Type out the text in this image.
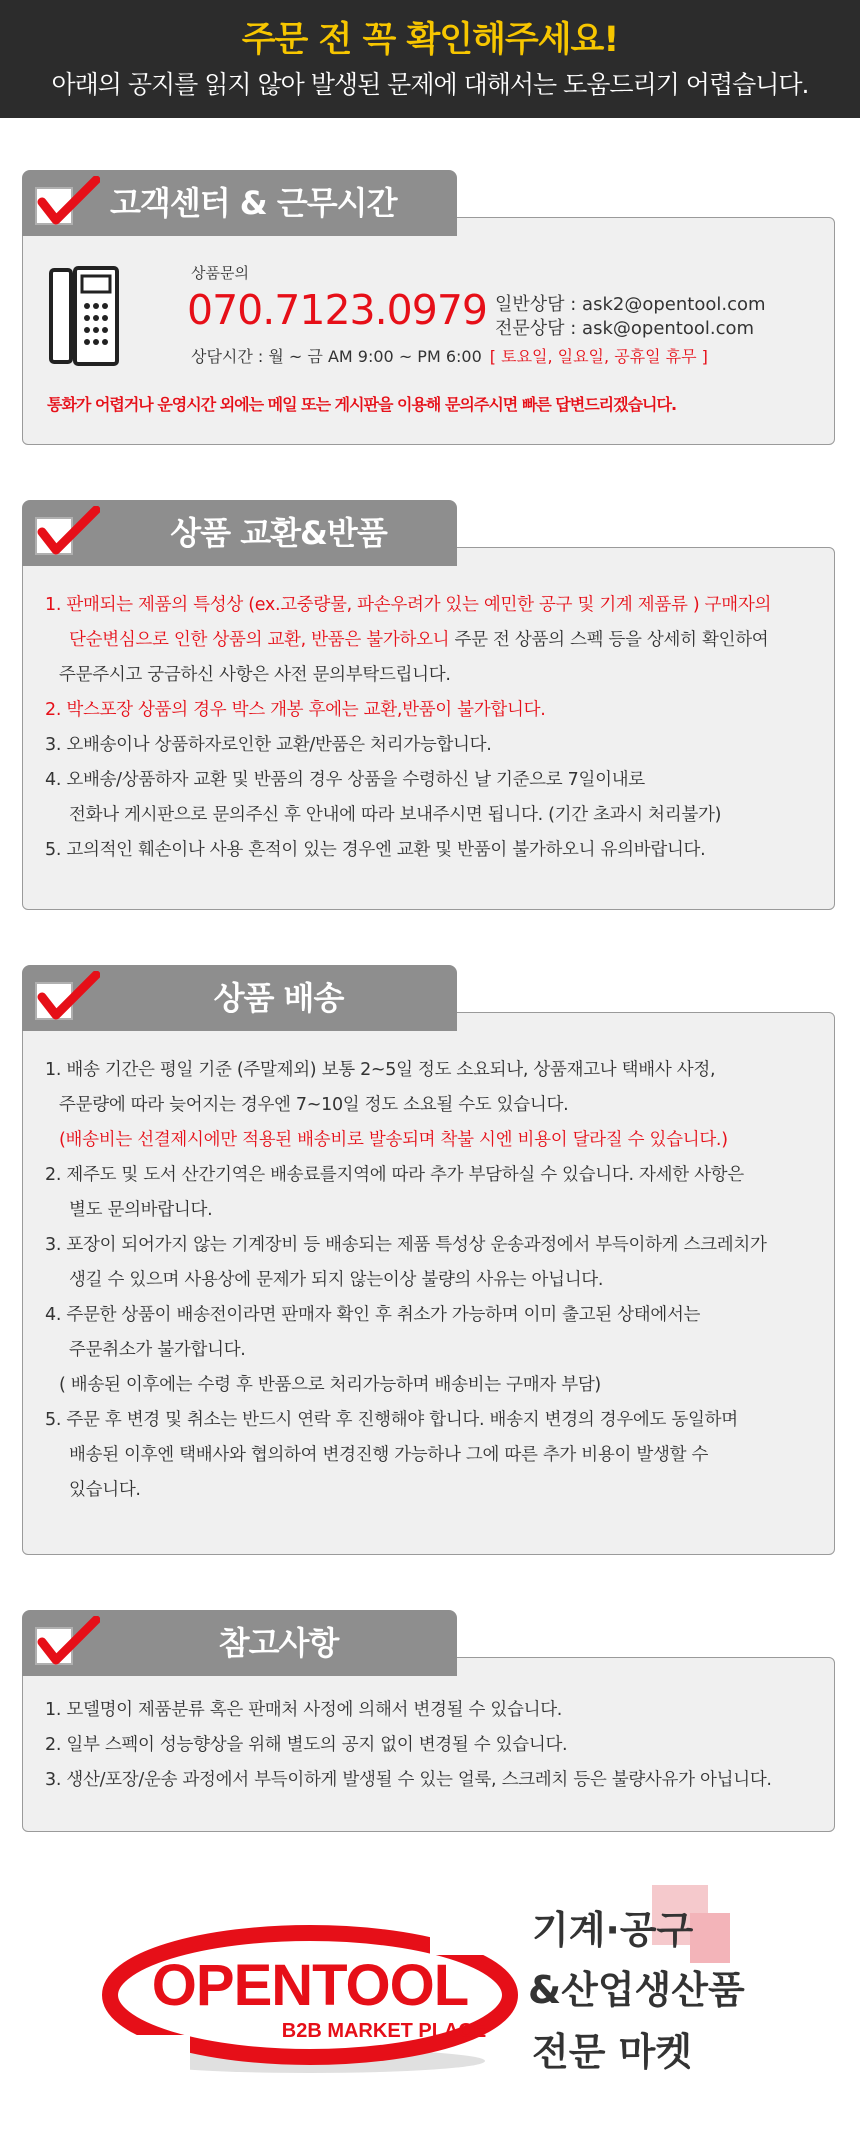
주문 전 꼭 확인해주세요!
아래의 공지를 읽지 않아 발생된 문제에 대해서는 도움드리기 어렵습니다.
고객센터 & 근무시간
상품문의
070.7123.0979 일반상담 : ask2@opentool.com
전문상담 : ask@opentool.com
상담시간 : 월 ~ 금 AM 9:00 ~ PM 6:00 [ 토요일, 일요일, 공휴일 휴무 ]
통화가 어렵거나 운영시간 외에는 메일 또는 게시판을 이용해 문의주시면 빠른 답변드리겠습니다.
상품 교환&반품
1. 판매되는 제품의 특성상 (ex.고중량물, 파손우려가 있는 예민한 공구 및 기계 제품류 ) 구매자의
단순변심으로 인한 상품의 교환, 반품은 불가하오니 주문 전 상품의 스펙 등을 상세히 확인하여
주문주시고 궁금하신 사항은 사전 문의부탁드립니다.
2. 박스포장 상품의 경우 박스 개봉 후에는 교환,반품이 불가합니다.
3. 오배송이나 상품하자로인한 교환/반품은 처리가능합니다.
4. 오배송/상품하자 교환 및 반품의 경우 상품을 수령하신 날 기준으로 7일이내로
전화나 게시판으로 문의주신 후 안내에 따라 보내주시면 됩니다. (기간 초과시 처리불가)
5. 고의적인 훼손이나 사용 흔적이 있는 경우엔 교환 및 반품이 불가하오니 유의바랍니다.
상품 배송
1. 배송 기간은 평일 기준 (주말제외) 보통 2~5일 정도 소요되나, 상품재고나 택배사 사정,
주문량에 따라 늦어지는 경우엔 7~10일 정도 소요될 수도 있습니다.
(배송비는 선결제시에만 적용된 배송비로 발송되며 착불 시엔 비용이 달라질 수 있습니다.)
2. 제주도 및 도서 산간기역은 배송료를지역에 따라 추가 부담하실 수 있습니다. 자세한 사항은
별도 문의바랍니다.
3. 포장이 되어가지 않는 기계장비 등 배송되는 제품 특성상 운송과정에서 부득이하게 스크레치가
생길 수 있으며 사용상에 문제가 되지 않는이상 불량의 사유는 아닙니다.
4. 주문한 상품이 배송전이라면 판매자 확인 후 취소가 가능하며 이미 출고된 상태에서는
주문취소가 불가합니다.
( 배송된 이후에는 수령 후 반품으로 처리가능하며 배송비는 구매자 부담)
5. 주문 후 변경 및 취소는 반드시 연락 후 진행해야 합니다. 배송지 변경의 경우에도 동일하며
배송된 이후엔 택배사와 협의하여 변경진행 가능하나 그에 따른 추가 비용이 발생할 수
있습니다.
참고사항
1. 모델명이 제품분류 혹은 판매처 사정에 의해서 변경될 수 있습니다.
2. 일부 스펙이 성능향상을 위해 별도의 공지 없이 변경될 수 있습니다.
3. 생산/포장/운송 과정에서 부득이하게 발생될 수 있는 얼룩, 스크레치 등은 불량사유가 아닙니다.
OPENTOOL
B2B MARKET PLACE
기계·공구
&산업생산품
전문 마켓
